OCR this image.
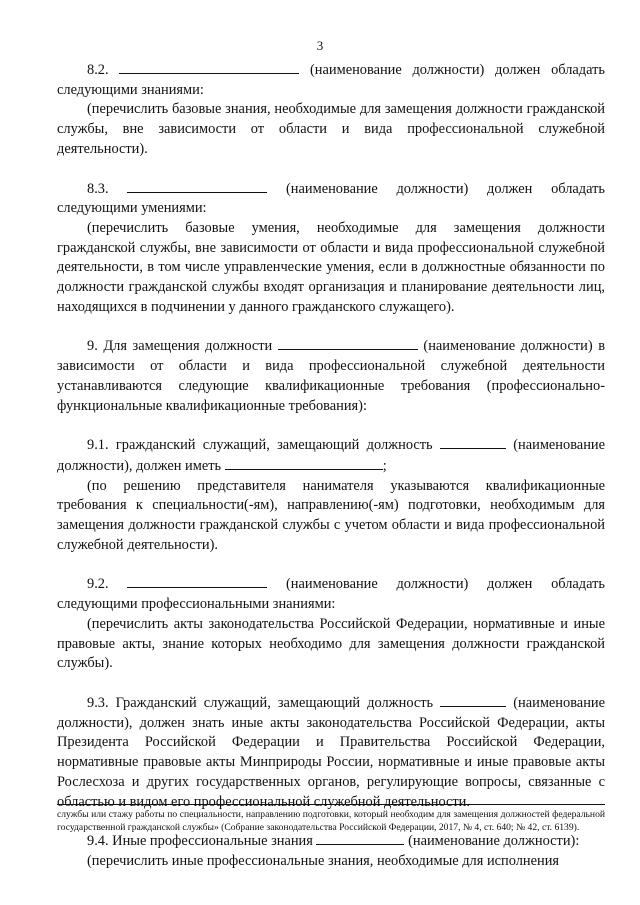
3

8.2.	(наименование должности) должен обладать следующими знаниями:

(перечислить базовые знания, необходимые для замещения должности гражданской службы, вне зависимости от области и вида профессиональной служебной деятельности).

8.3.	(наименование должности) должен обладать следующими умениями:

(перечислить базовые умения, необходимые для замещения должности гражданской службы, вне зависимости от области и вида профессиональной служебной деятельности, в том числе управленческие умения, если в должностные обязанности по должности гражданской службы входят организация и планирование деятельности лиц, находящихся в подчинении у данного гражданского служащего).

9. Для замещения должности	(наименование должности) в зависимости от области и вида профессиональной служебной деятельности устанавливаются следующие квалификационные требования (профессионально-функциональные квалификационные требования):

9.1. гражданский служащий, замещающий должность	(наименование должности), должен иметь	;

(по решению представителя нанимателя указываются квалификационные требования к специальности(-ям), направлению(-ям) подготовки, необходимым для замещения должности гражданской службы с учетом области и вида профессиональной служебной деятельности).

9.2.	(наименование должности) должен обладать следующими профессиональными знаниями:

(перечислить акты законодательства Российской Федерации, нормативные и иные правовые акты, знание которых необходимо для замещения должности гражданской службы).

9.3. Гражданский служащий, замещающий должность	(наименование должности), должен знать иные акты законодательства Российской Федерации, акты Президента Российской Федерации и Правительства Российской Федерации, нормативные правовые акты Минприроды России, нормативные и иные правовые акты Рослесхоза и других государственных органов, регулирующие вопросы, связанные с областью и видом его профессиональной служебной деятельности.

9.4. Иные профессиональные знания	(наименование должности):

(перечислить иные профессиональные знания, необходимые для исполнения

службы или стажу работы по специальности, направлению подготовки, который необходим для замещения должностей федеральной государственной гражданской службы» (Собрание законодательства Российской Федерации, 2017, № 4, ст. 640; № 42, ст. 6139).
